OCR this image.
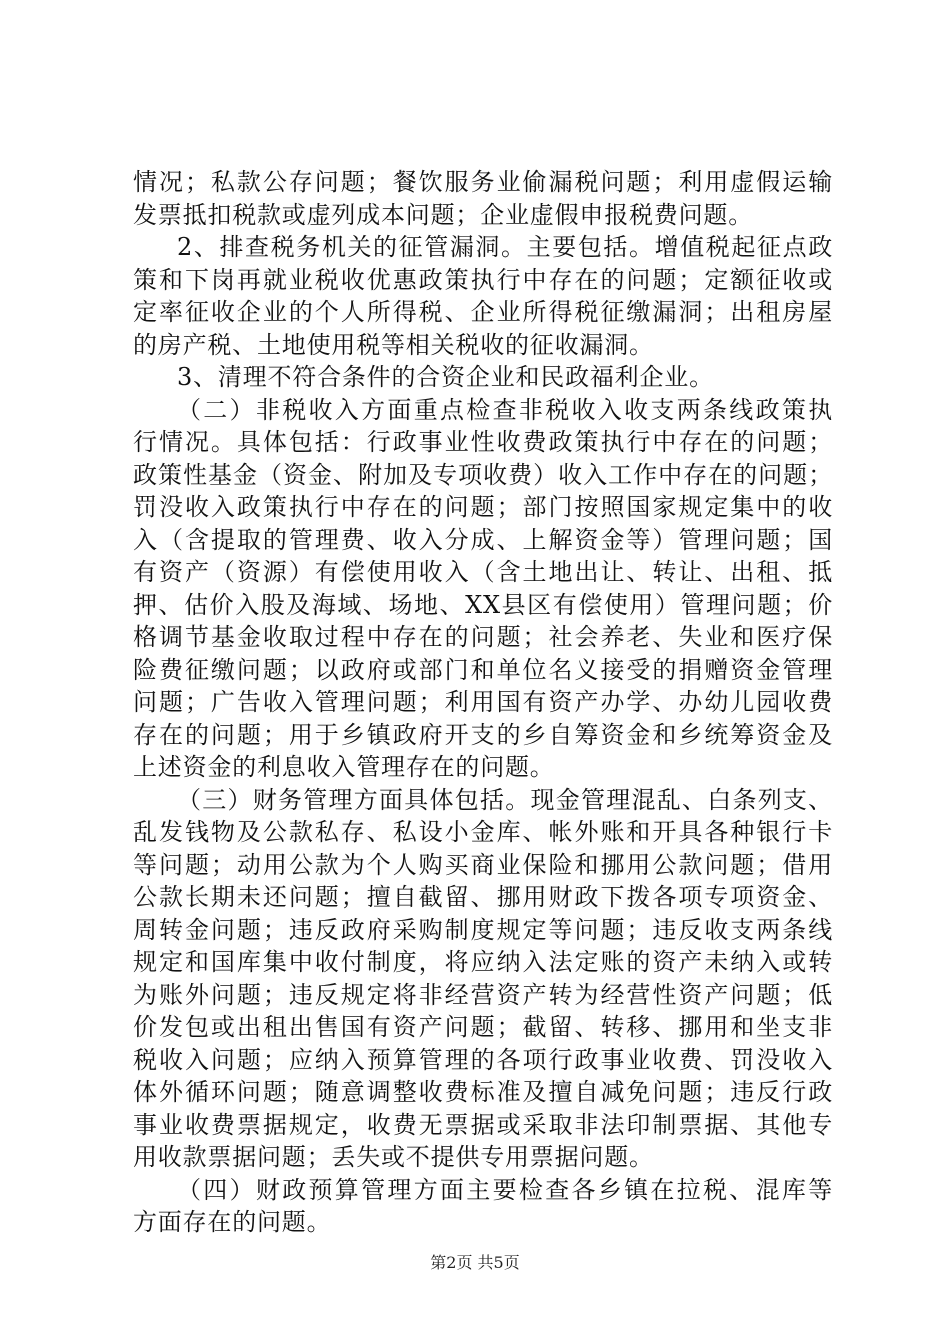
情况；私款公存问题；餐饮服务业偷漏税问题；利用虚假运输
发票抵扣税款或虚列成本问题；企业虚假申报税费问题。
2、排查税务机关的征管漏洞。主要包括。增值税起征点政
策和下岗再就业税收优惠政策执行中存在的问题；定额征收或
定率征收企业的个人所得税、企业所得税征缴漏洞；出租房屋
的房产税、土地使用税等相关税收的征收漏洞。
3、清理不符合条件的合资企业和民政福利企业。
（二）非税收入方面重点检查非税收入收支两条线政策执
行情况。具体包括：行政事业性收费政策执行中存在的问题；
政策性基金（资金、附加及专项收费）收入工作中存在的问题；
罚没收入政策执行中存在的问题；部门按照国家规定集中的收
入（含提取的管理费、收入分成、上解资金等）管理问题；国
有资产（资源）有偿使用收入（含土地出让、转让、出租、抵
押、估价入股及海域、场地、XX县区有偿使用）管理问题；价
格调节基金收取过程中存在的问题；社会养老、失业和医疗保
险费征缴问题；以政府或部门和单位名义接受的捐赠资金管理
问题；广告收入管理问题；利用国有资产办学、办幼儿园收费
存在的问题；用于乡镇政府开支的乡自筹资金和乡统筹资金及
上述资金的利息收入管理存在的问题。
（三）财务管理方面具体包括。现金管理混乱、白条列支、
乱发钱物及公款私存、私设小金库、帐外账和开具各种银行卡
等问题；动用公款为个人购买商业保险和挪用公款问题；借用
公款长期未还问题；擅自截留、挪用财政下拨各项专项资金、
周转金问题；违反政府采购制度规定等问题；违反收支两条线
规定和国库集中收付制度，将应纳入法定账的资产未纳入或转
为账外问题；违反规定将非经营资产转为经营性资产问题；低
价发包或出租出售国有资产问题；截留、转移、挪用和坐支非
税收入问题；应纳入预算管理的各项行政事业收费、罚没收入
体外循环问题；随意调整收费标准及擅自减免问题；违反行政
事业收费票据规定，收费无票据或采取非法印制票据、其他专
用收款票据问题；丢失或不提供专用票据问题。
（四）财政预算管理方面主要检查各乡镇在拉税、混库等
方面存在的问题。
第2页 共5页
